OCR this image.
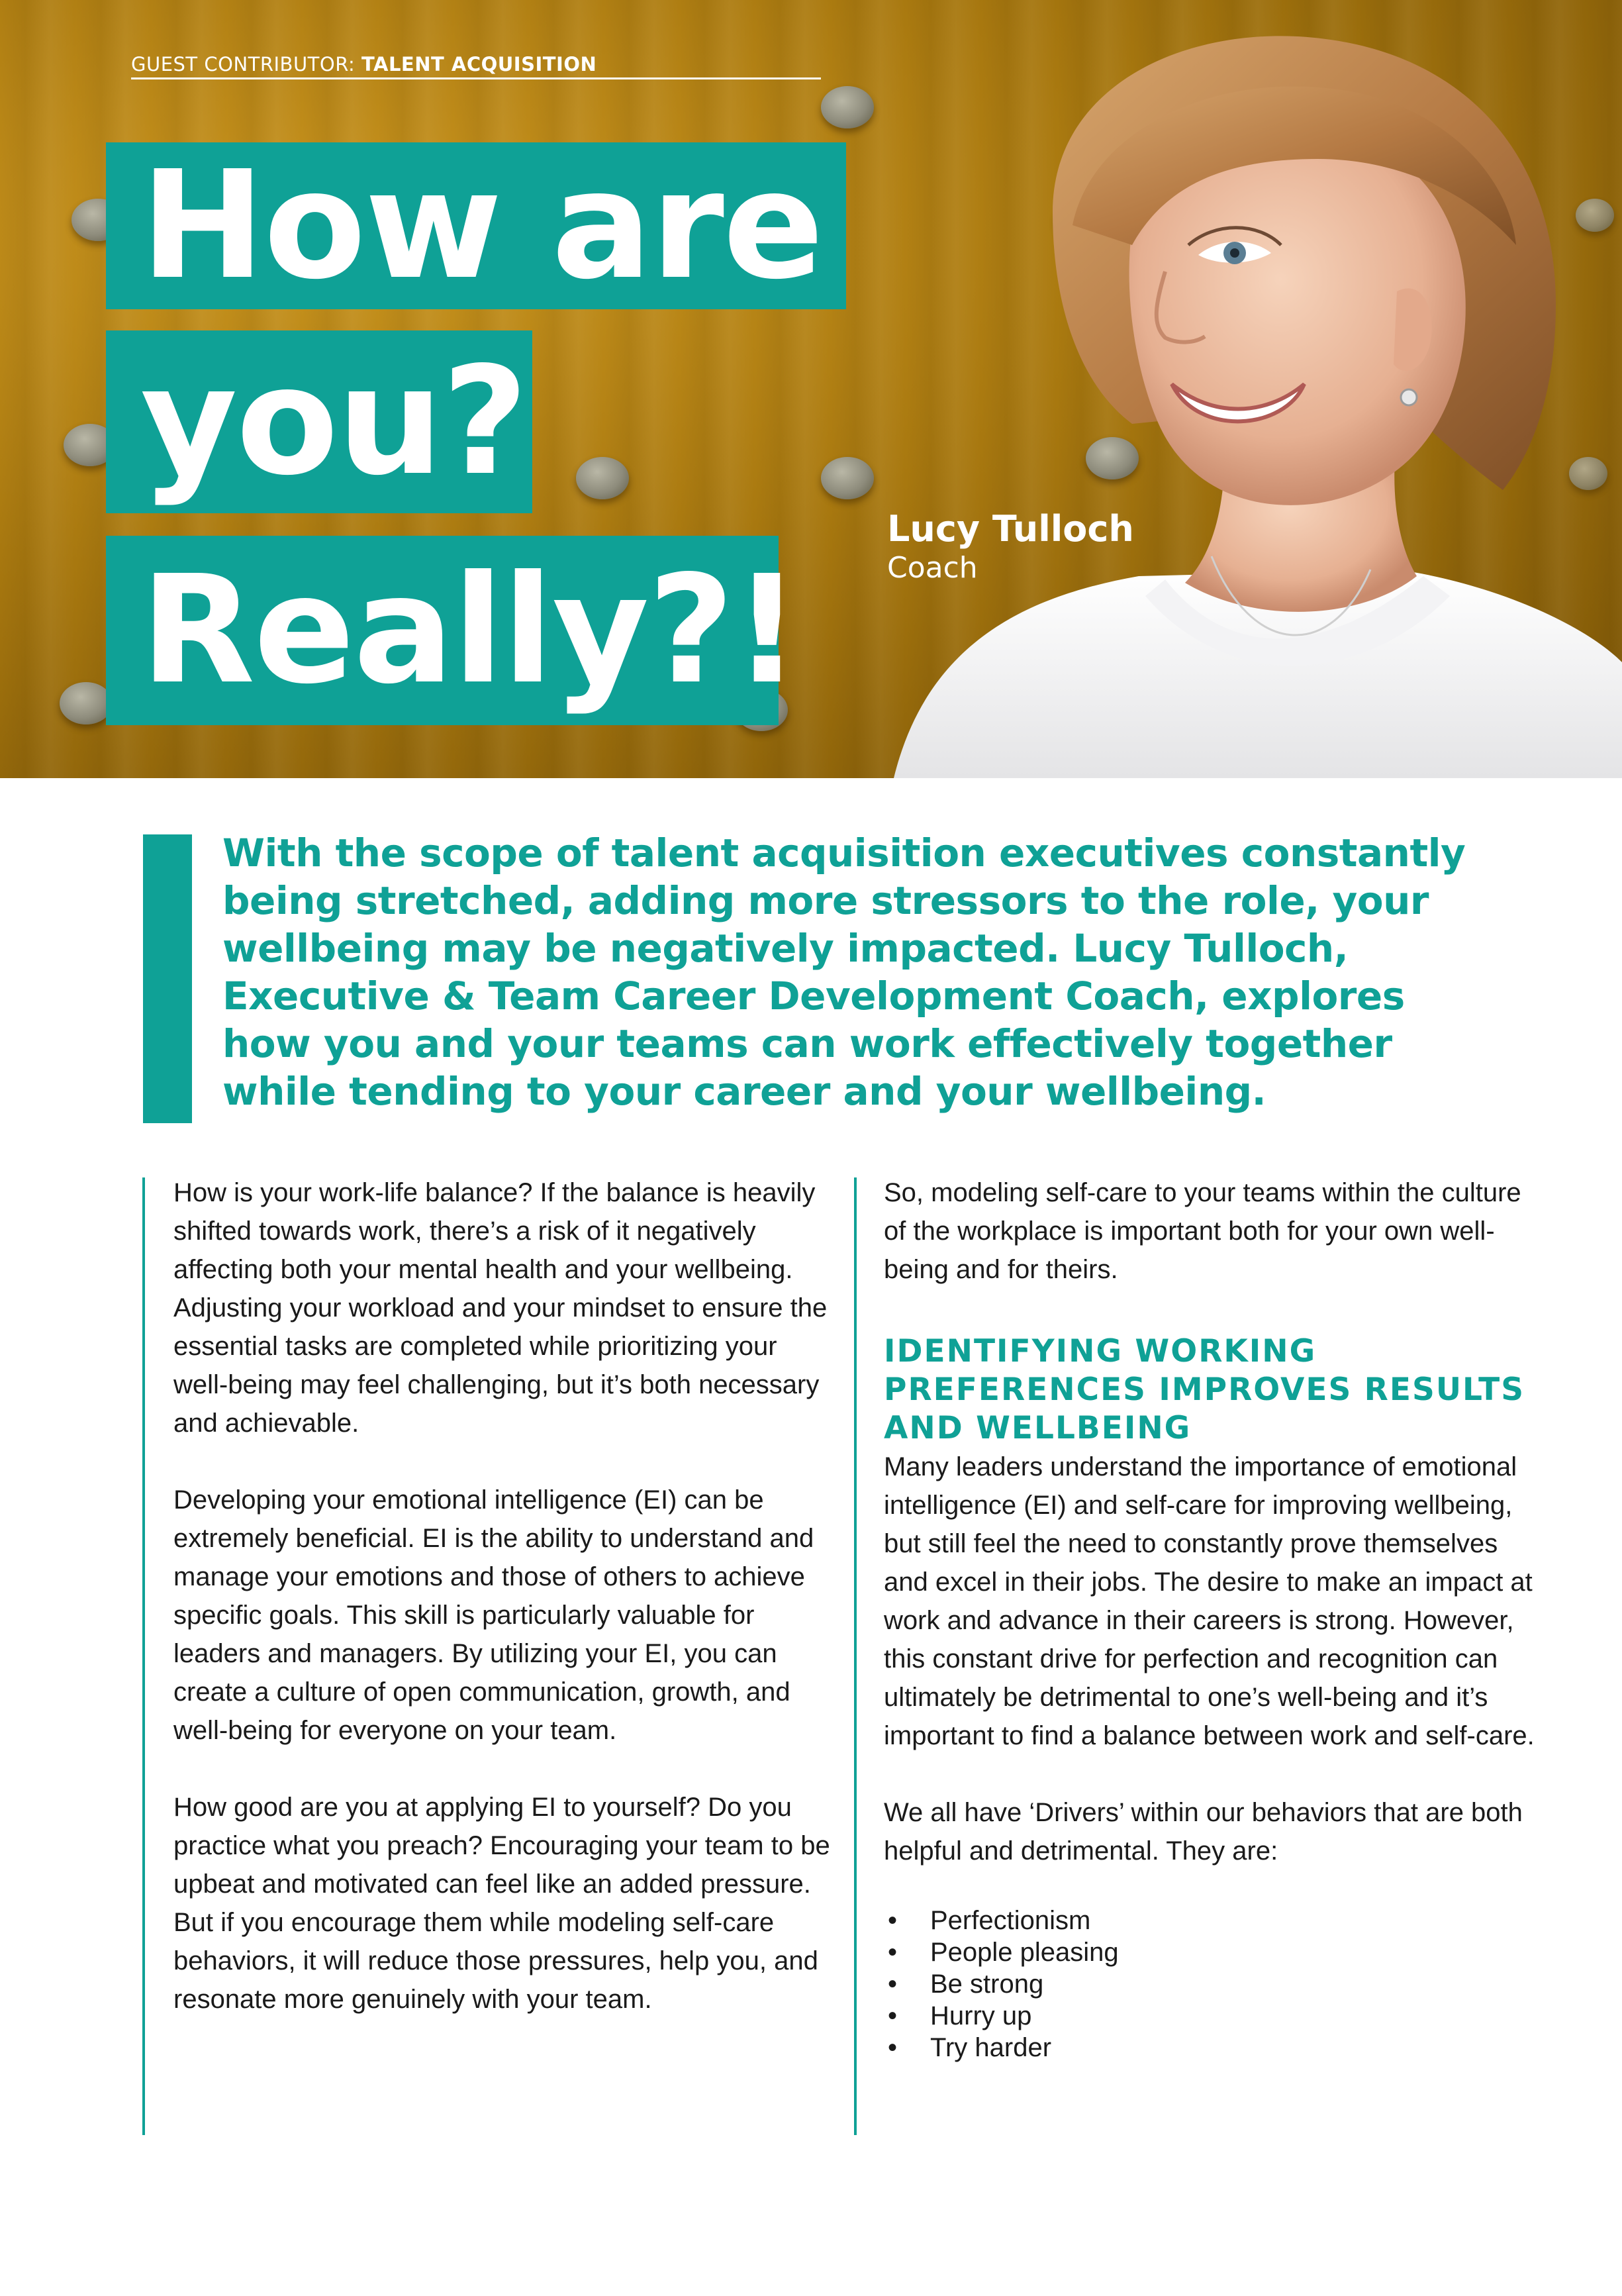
GUEST CONTRIBUTOR: TALENT ACQUISITION
How are
you?
Really?!
Lucy Tulloch
Coach
With the scope of talent acquisition executives constantly being stretched, adding more stressors to the role, your wellbeing may be negatively impacted. Lucy Tulloch, Executive & Team Career Development Coach, explores how you and your teams can work effectively together while tending to your career and your wellbeing.

How is your work-life balance? If the balance is heavily shifted towards work, there’s a risk of it negatively affecting both your mental health and your wellbeing. Adjusting your workload and your mindset to ensure the essential tasks are completed while prioritizing your well-being may feel challenging, but it’s both necessary and achievable.

Developing your emotional intelligence (EI) can be extremely beneficial. EI is the ability to understand and manage your emotions and those of others to achieve specific goals. This skill is particularly valuable for leaders and managers. By utilizing your EI, you can create a culture of open communication, growth, and well-being for everyone on your team.

How good are you at applying EI to yourself? Do you practice what you preach? Encouraging your team to be upbeat and motivated can feel like an added pressure. But if you encourage them while modeling self-care behaviors, it will reduce those pressures, help you, and resonate more genuinely with your team.

So, modeling self-care to your teams within the culture of the workplace is important both for your own well-being and for theirs.

IDENTIFYING WORKING PREFERENCES IMPROVES RESULTS AND WELLBEING

Many leaders understand the importance of emotional intelligence (EI) and self-care for improving wellbeing, but still feel the need to constantly prove themselves and excel in their jobs. The desire to make an impact at work and advance in their careers is strong. However, this constant drive for perfection and recognition can ultimately be detrimental to one’s well-being and it’s important to find a balance between work and self-care.

We all have ‘Drivers’ within our behaviors that are both helpful and detrimental. They are:

• Perfectionism
• People pleasing
• Be strong
• Hurry up
• Try harder
